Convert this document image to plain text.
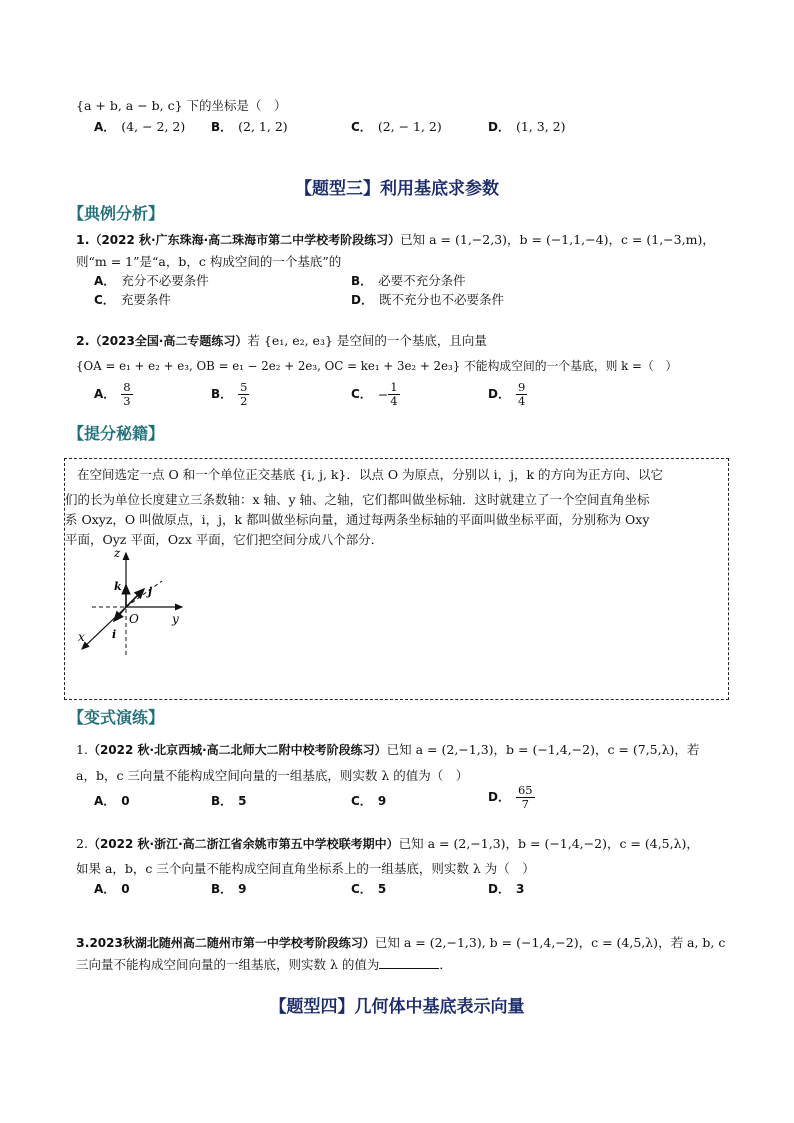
{a + b, a − b, c} 下的坐标是（　）
A． (4, − 2, 2) B． (2, 1, 2)	C． (2, − 1, 2)	D． (1, 3, 2)
【题型三】利用基底求参数
【典例分析】
1.（2022 秋·广东珠海·高二珠海市第二中学校考阶段练习）已知 a = (1,−2,3)，b = (−1,1,−4)，c = (1,−3,m)，
则“m = 1”是“a，b，c 构成空间的一个基底”的
A． 充分不必要条件	B． 必要不充分条件
C． 充要条件	D． 既不充分也不必要条件
2.（2023全国·高二专题练习）若 {e₁, e₂, e₃} 是空间的一个基底，且向量
{OA = e₁ + e₂ + e₃, OB = e₁ − 2e₂ + 2e₃, OC = ke₁ + 3e₂ + 2e₃} 不能构成空间的一个基底，则 k =（　）
A． $\frac{8}{3}$	B． $\frac{5}{2}$	C． − $\frac{1}{4}$	D． $\frac{9}{4}$
【提分秘籍】
在空间选定一点 O 和一个单位正交基底 {i, j, k}．以点 O 为原点，分别以 i，j，k 的方向为正方向、以它
们的长为单位长度建立三条数轴：x 轴、y 轴、之轴，它们都叫做坐标轴．这时就建立了一个空间直角坐标
系 Oxyz，O 叫做原点，i，j，k 都叫做坐标向量，通过每两条坐标轴的平面叫做坐标平面，分别称为 Oxy
平面，Oyz 平面，Ozx 平面，它们把空间分成八个部分．
z
y
x
O
k j
i
【变式演练】
1.（2022 秋·北京西城·高二北师大二附中校考阶段练习）已知 a = (2,−1,3)，b = (−1,4,−2)，c = (7,5,λ)，若
a，b，c 三向量不能构成空间向量的一组基底，则实数 λ 的值为（　）
A． 0	B． 5	C． 9	D． $\frac{65}{7}$
2.（2022 秋·浙江·高二浙江省余姚市第五中学校联考期中）已知 a = (2,−1,3)，b = (−1,4,−2)，c = (4,5,λ)，
如果 a，b，c 三个向量不能构成空间直角坐标系上的一组基底，则实数 λ 为（　）
A． 0	B． 9	C． 5	D． 3
3.2023秋湖北随州高二随州市第一中学校考阶段练习）已知 a = (2,−1,3), b = (−1,4,−2)，c = (4,5,λ)，若 a, b, c
三向量不能构成空间向量的一组基底，则实数 λ 的值为	．
【题型四】几何体中基底表示向量
